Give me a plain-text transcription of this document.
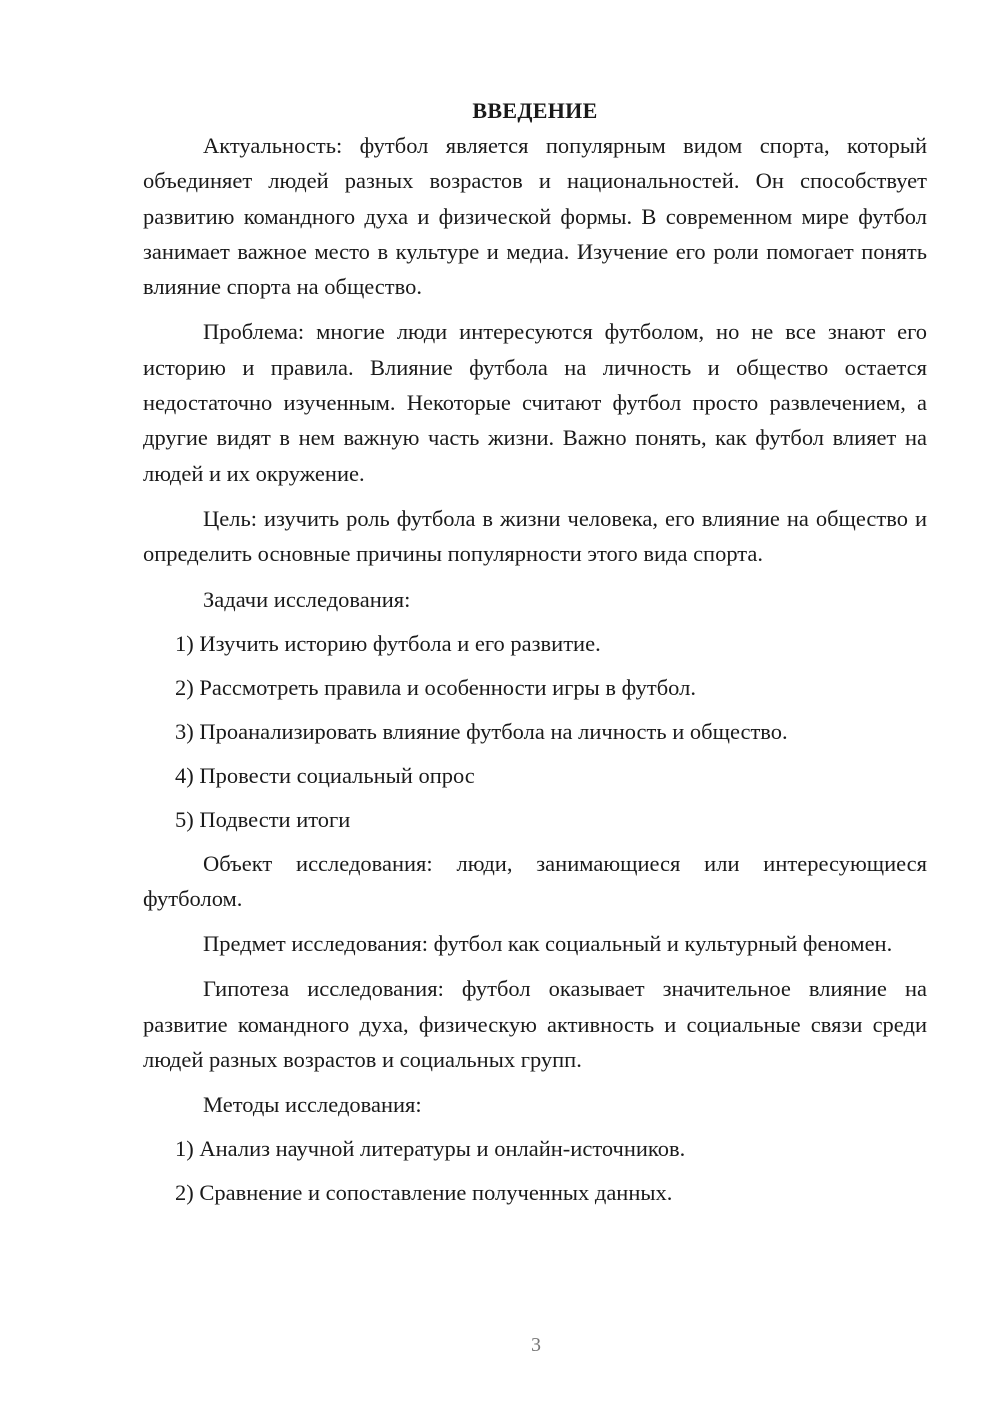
ВВЕДЕНИЕ

Актуальность: футбол является популярным видом спорта, который объединяет людей разных возрастов и национальностей. Он способствует развитию командного духа и физической формы. В современном мире футбол занимает важное место в культуре и медиа. Изучение его роли помогает понять влияние спорта на общество.

Проблема: многие люди интересуются футболом, но не все знают его историю и правила. Влияние футбола на личность и общество остается недостаточно изученным. Некоторые считают футбол просто развлечением, а другие видят в нем важную часть жизни. Важно понять, как футбол влияет на людей и их окружение.

Цель: изучить роль футбола в жизни человека, его влияние на общество и определить основные причины популярности этого вида спорта.

Задачи исследования:

1) Изучить историю футбола и его развитие.

2) Рассмотреть правила и особенности игры в футбол.

3) Проанализировать влияние футбола на личность и общество.

4) Провести социальный опрос

5) Подвести итоги

Объект исследования: люди, занимающиеся или интересующиеся футболом.

Предмет исследования: футбол как социальный и культурный феномен.

Гипотеза исследования: футбол оказывает значительное влияние на развитие командного духа, физическую активность и социальные связи среди людей разных возрастов и социальных групп.

Методы исследования:

1) Анализ научной литературы и онлайн-источников.

2) Сравнение и сопоставление полученных данных.

3
